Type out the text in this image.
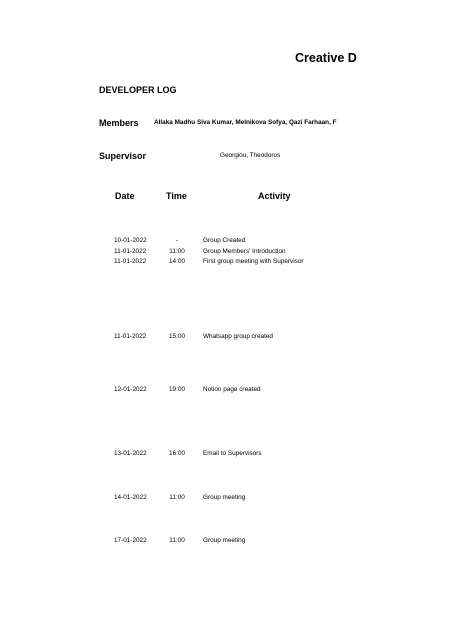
Creative D
DEVELOPER LOG
Members Allaka Madhu Siva Kumar, Melnikova Sofya, Qazi Farhaan, F
Supervisor	Georgiou, Theodoros
Date	Time	Activity
10-01-2022	-	Group Created
11-01-2022	11:00	Group Members' Introduction
11-01-2022	14:00	First group meeting with Supervisor
11-01-2022	15:00	Whatsapp group created
12-01-2022	19:00	Notion page created
13-01-2022	16:00	Email to Supervisors
14-01-2022	11:00	Group meeting
17-01-2022	11:00	Group meeting
